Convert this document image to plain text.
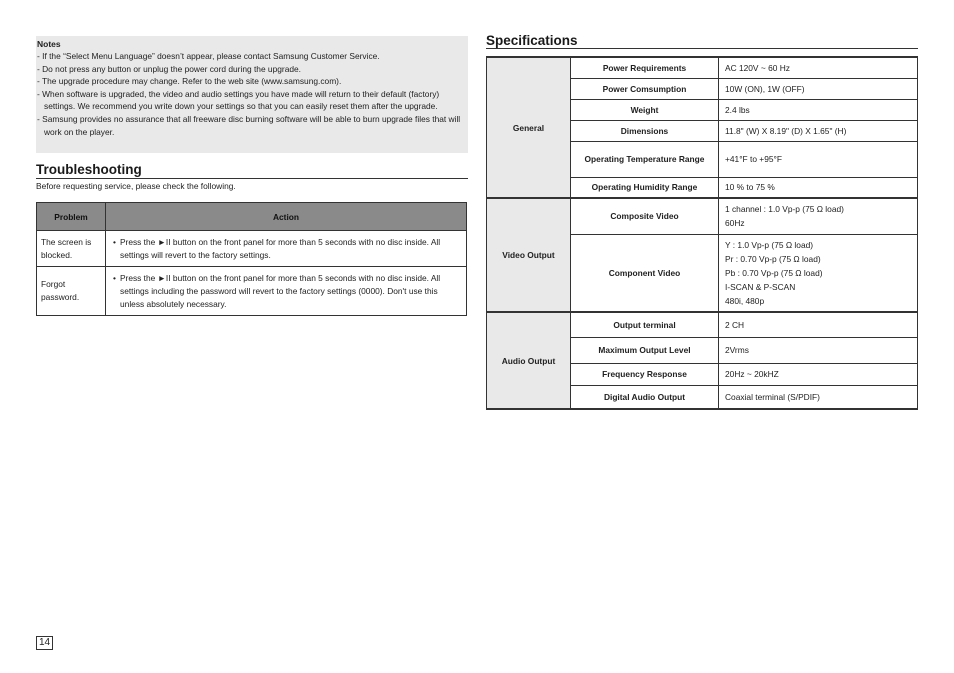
Notes
- If the “Select Menu Language” doesn’t appear, please contact Samsung Customer Service.
- Do not press any button or unplug the power cord during the upgrade.
- The upgrade procedure may change. Refer to the web site (www.samsung.com).
- When software is upgraded, the video and audio settings you have made will return to their default (factory) settings. We recommend you write down your settings so that you can easily reset them after the upgrade.
- Samsung provides no assurance that all freeware disc burning software will be able to burn upgrade files that will work on the player.
Troubleshooting
Before requesting service, please check the following.
Problem	Action
The screen is blocked.	• Press the ►II button on the front panel for more than 5 seconds with no disc inside. All settings will revert to the factory settings.

Forgot password.	• Press the ►II button on the front panel for more than 5 seconds with no disc inside. All settings including the password will revert to the factory settings (0000). Don't use this unless absolutely necessary.
Specifications
General	Power Requirements	AC 120V ~ 60 Hz
	Power Comsumption	10W (ON), 1W (OFF)
	Weight	2.4 lbs
	Dimensions	11.8" (W) X 8.19" (D) X 1.65" (H)
	Operating Temperature Range	+41°F to +95°F
	Operating Humidity Range	10 % to 75 %
Video Output	Composite Video	1 channel : 1.0 Vp-p (75 Ω load)
60Hz

	Component Video	Y : 1.0 Vp-p (75 Ω load)
Pr : 0.70 Vp-p (75 Ω load)
Pb : 0.70 Vp-p (75 Ω load)
I-SCAN & P-SCAN
480i, 480p

Audio Output	Output terminal	2 CH
	Maximum Output Level	2Vrms
	Frequency Response	20Hz ~ 20kHZ
	Digital Audio Output	Coaxial terminal (S/PDIF)
14
